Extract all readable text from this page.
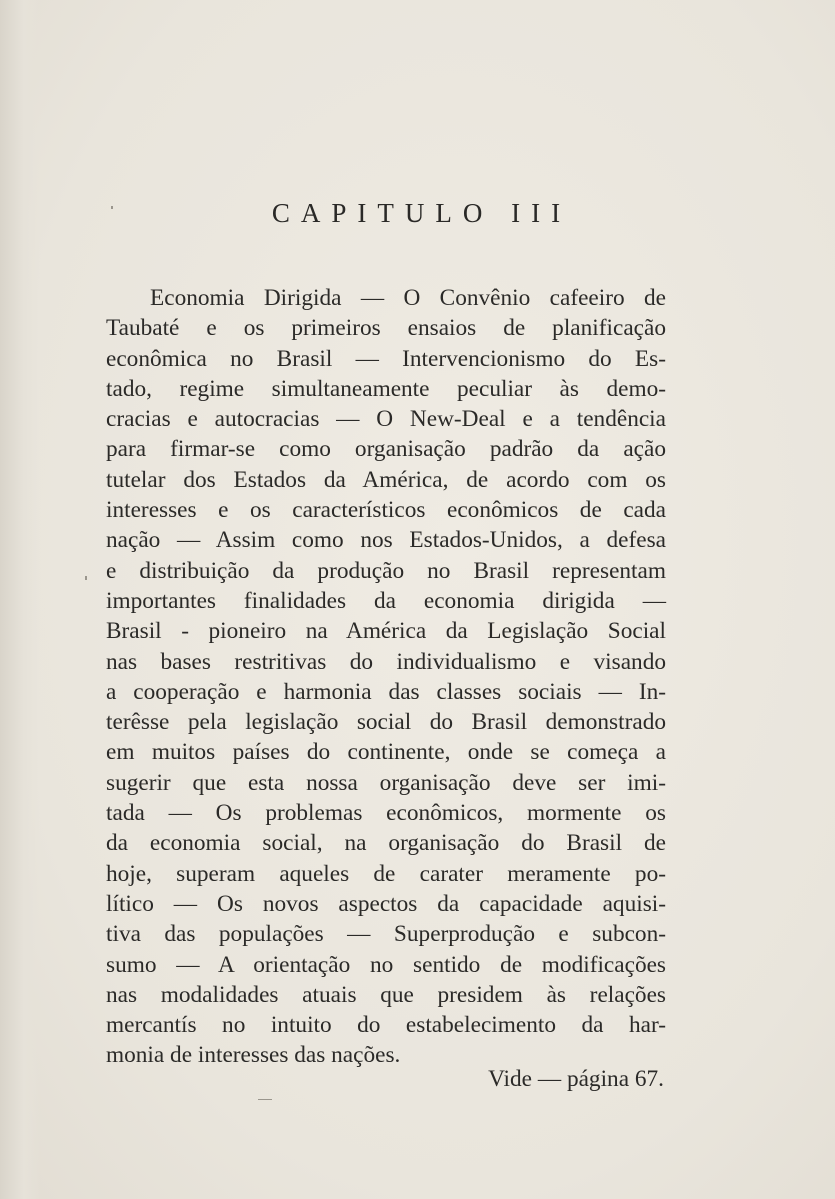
CAPITULO III
Economia Dirigida — O Convênio cafeeiro de
Taubaté e os primeiros ensaios de planificação
econômica no Brasil — Intervencionismo do Es-
tado, regime simultaneamente peculiar às demo-
cracias e autocracias — O New-Deal e a tendência
para firmar-se como organisação padrão da ação
tutelar dos Estados da América, de acordo com os
interesses e os característicos econômicos de cada
nação — Assim como nos Estados-Unidos, a defesa
e distribuição da produção no Brasil representam
importantes finalidades da economia dirigida —
Brasil - pioneiro na América da Legislação Social
nas bases restritivas do individualismo e visando
a cooperação e harmonia das classes sociais — In-
terêsse pela legislação social do Brasil demonstrado
em muitos países do continente, onde se começa a
sugerir que esta nossa organisação deve ser imi-
tada — Os problemas econômicos, mormente os
da economia social, na organisação do Brasil de
hoje, superam aqueles de carater meramente po-
lítico — Os novos aspectos da capacidade aquisi-
tiva das populações — Superprodução e subcon-
sumo — A orientação no sentido de modificações
nas modalidades atuais que presidem às relações
mercantís no intuito do estabelecimento da har-
monia de interesses das nações.
Vide — página 67.
